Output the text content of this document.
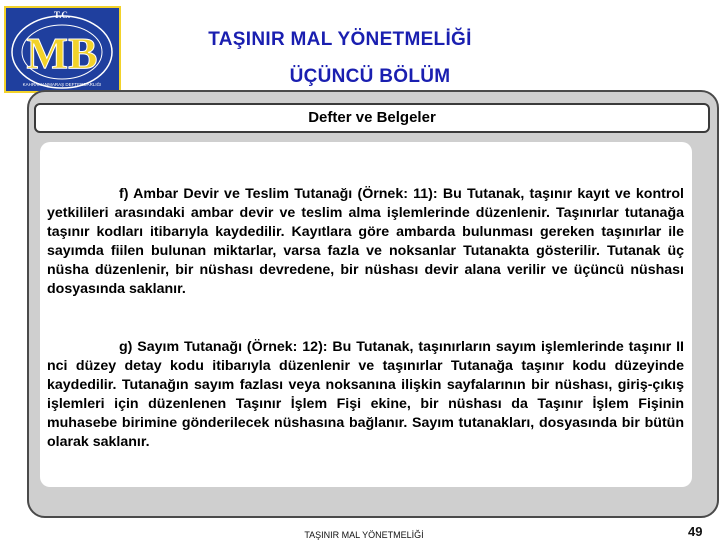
T.C.
MB
KAHRAMANMARAŞ DEFTERDARLIĞI
TAŞINIR MAL YÖNETMELİĞİ
ÜÇÜNCÜ BÖLÜM
Defter ve Belgeler

f) Ambar Devir ve Teslim Tutanağı (Örnek: 11): Bu Tutanak, taşınır kayıt ve kontrol yetkilileri arasındaki ambar devir ve teslim alma işlemlerinde düzenlenir. Taşınırlar tutanağa taşınır kodları itibarıyla kaydedilir. Kayıtlara göre ambarda bulunması gereken taşınırlar ile sayımda fiilen bulunan miktarlar, varsa fazla ve noksanlar Tutanakta gösterilir. Tutanak üç nüsha düzenlenir, bir nüshası devredene, bir nüshası devir alana verilir ve üçüncü nüshası dosyasında saklanır.

g) Sayım Tutanağı (Örnek: 12): Bu Tutanak, taşınırların sayım işlemlerinde taşınır II nci düzey detay kodu itibarıyla düzenlenir ve taşınırlar Tutanağa taşınır kodu düzeyinde kaydedilir. Tutanağın sayım fazlası veya noksanına ilişkin sayfalarının bir nüshası, giriş-çıkış işlemleri için düzenlenen Taşınır İşlem Fişi ekine, bir nüshası da Taşınır İşlem Fişinin muhasebe birimine gönderilecek nüshasına bağlanır. Sayım tutanakları, dosyasında bir bütün olarak saklanır.

TAŞINIR MAL YÖNETMELİĞİ	49
